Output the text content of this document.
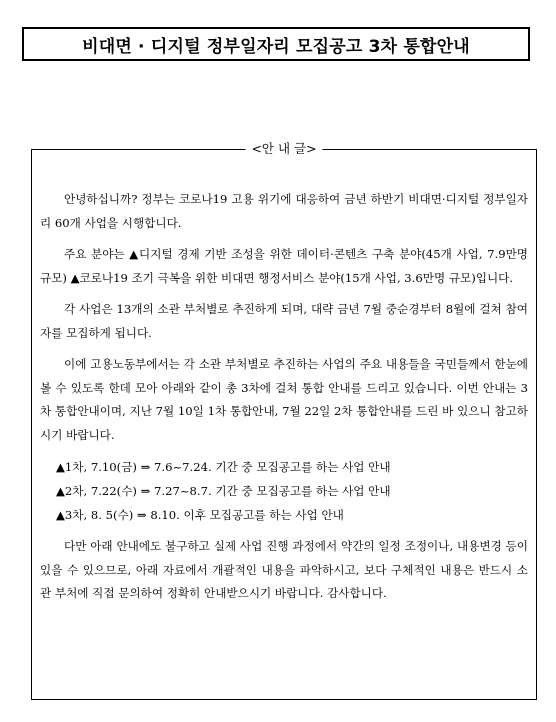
비대면 · 디지털 정부일자리 모집공고 3차 통합안내
<안 내 글>

안녕하십니까? 정부는 코로나19 고용 위기에 대응하여 금년 하반기 비대면·디지털 정부일자리 60개 사업을 시행합니다.

주요 분야는 ▲디지털 경제 기반 조성을 위한 데이터·콘텐츠 구축 분야(45개 사업, 7.9만명 규모) ▲코로나19 조기 극복을 위한 비대면 행정서비스 분야(15개 사업, 3.6만명 규모)입니다.

각 사업은 13개의 소관 부처별로 추진하게 되며, 대략 금년 7월 중순경부터 8월에 걸쳐 참여자를 모집하게 됩니다.

이에 고용노동부에서는 각 소관 부처별로 추진하는 사업의 주요 내용들을 국민들께서 한눈에 볼 수 있도록 한데 모아 아래와 같이 총 3차에 걸쳐 통합 안내를 드리고 있습니다. 이번 안내는 3차 통합안내이며, 지난 7월 10일 1차 통합안내, 7월 22일 2차 통합안내를 드린 바 있으니 참고하시기 바랍니다.

▲1차, 7.10(금) ⇒ 7.6~7.24. 기간 중 모집공고를 하는 사업 안내
▲2차, 7.22(수) ⇒ 7.27~8.7. 기간 중 모집공고를 하는 사업 안내
▲3차, 8. 5(수) ⇒ 8.10. 이후 모집공고를 하는 사업 안내

다만 아래 안내에도 불구하고 실제 사업 진행 과정에서 약간의 일정 조정이나, 내용변경 등이 있을 수 있으므로, 아래 자료에서 개괄적인 내용을 파악하시고, 보다 구체적인 내용은 반드시 소관 부처에 직접 문의하여 정확히 안내받으시기 바랍니다. 감사합니다.
